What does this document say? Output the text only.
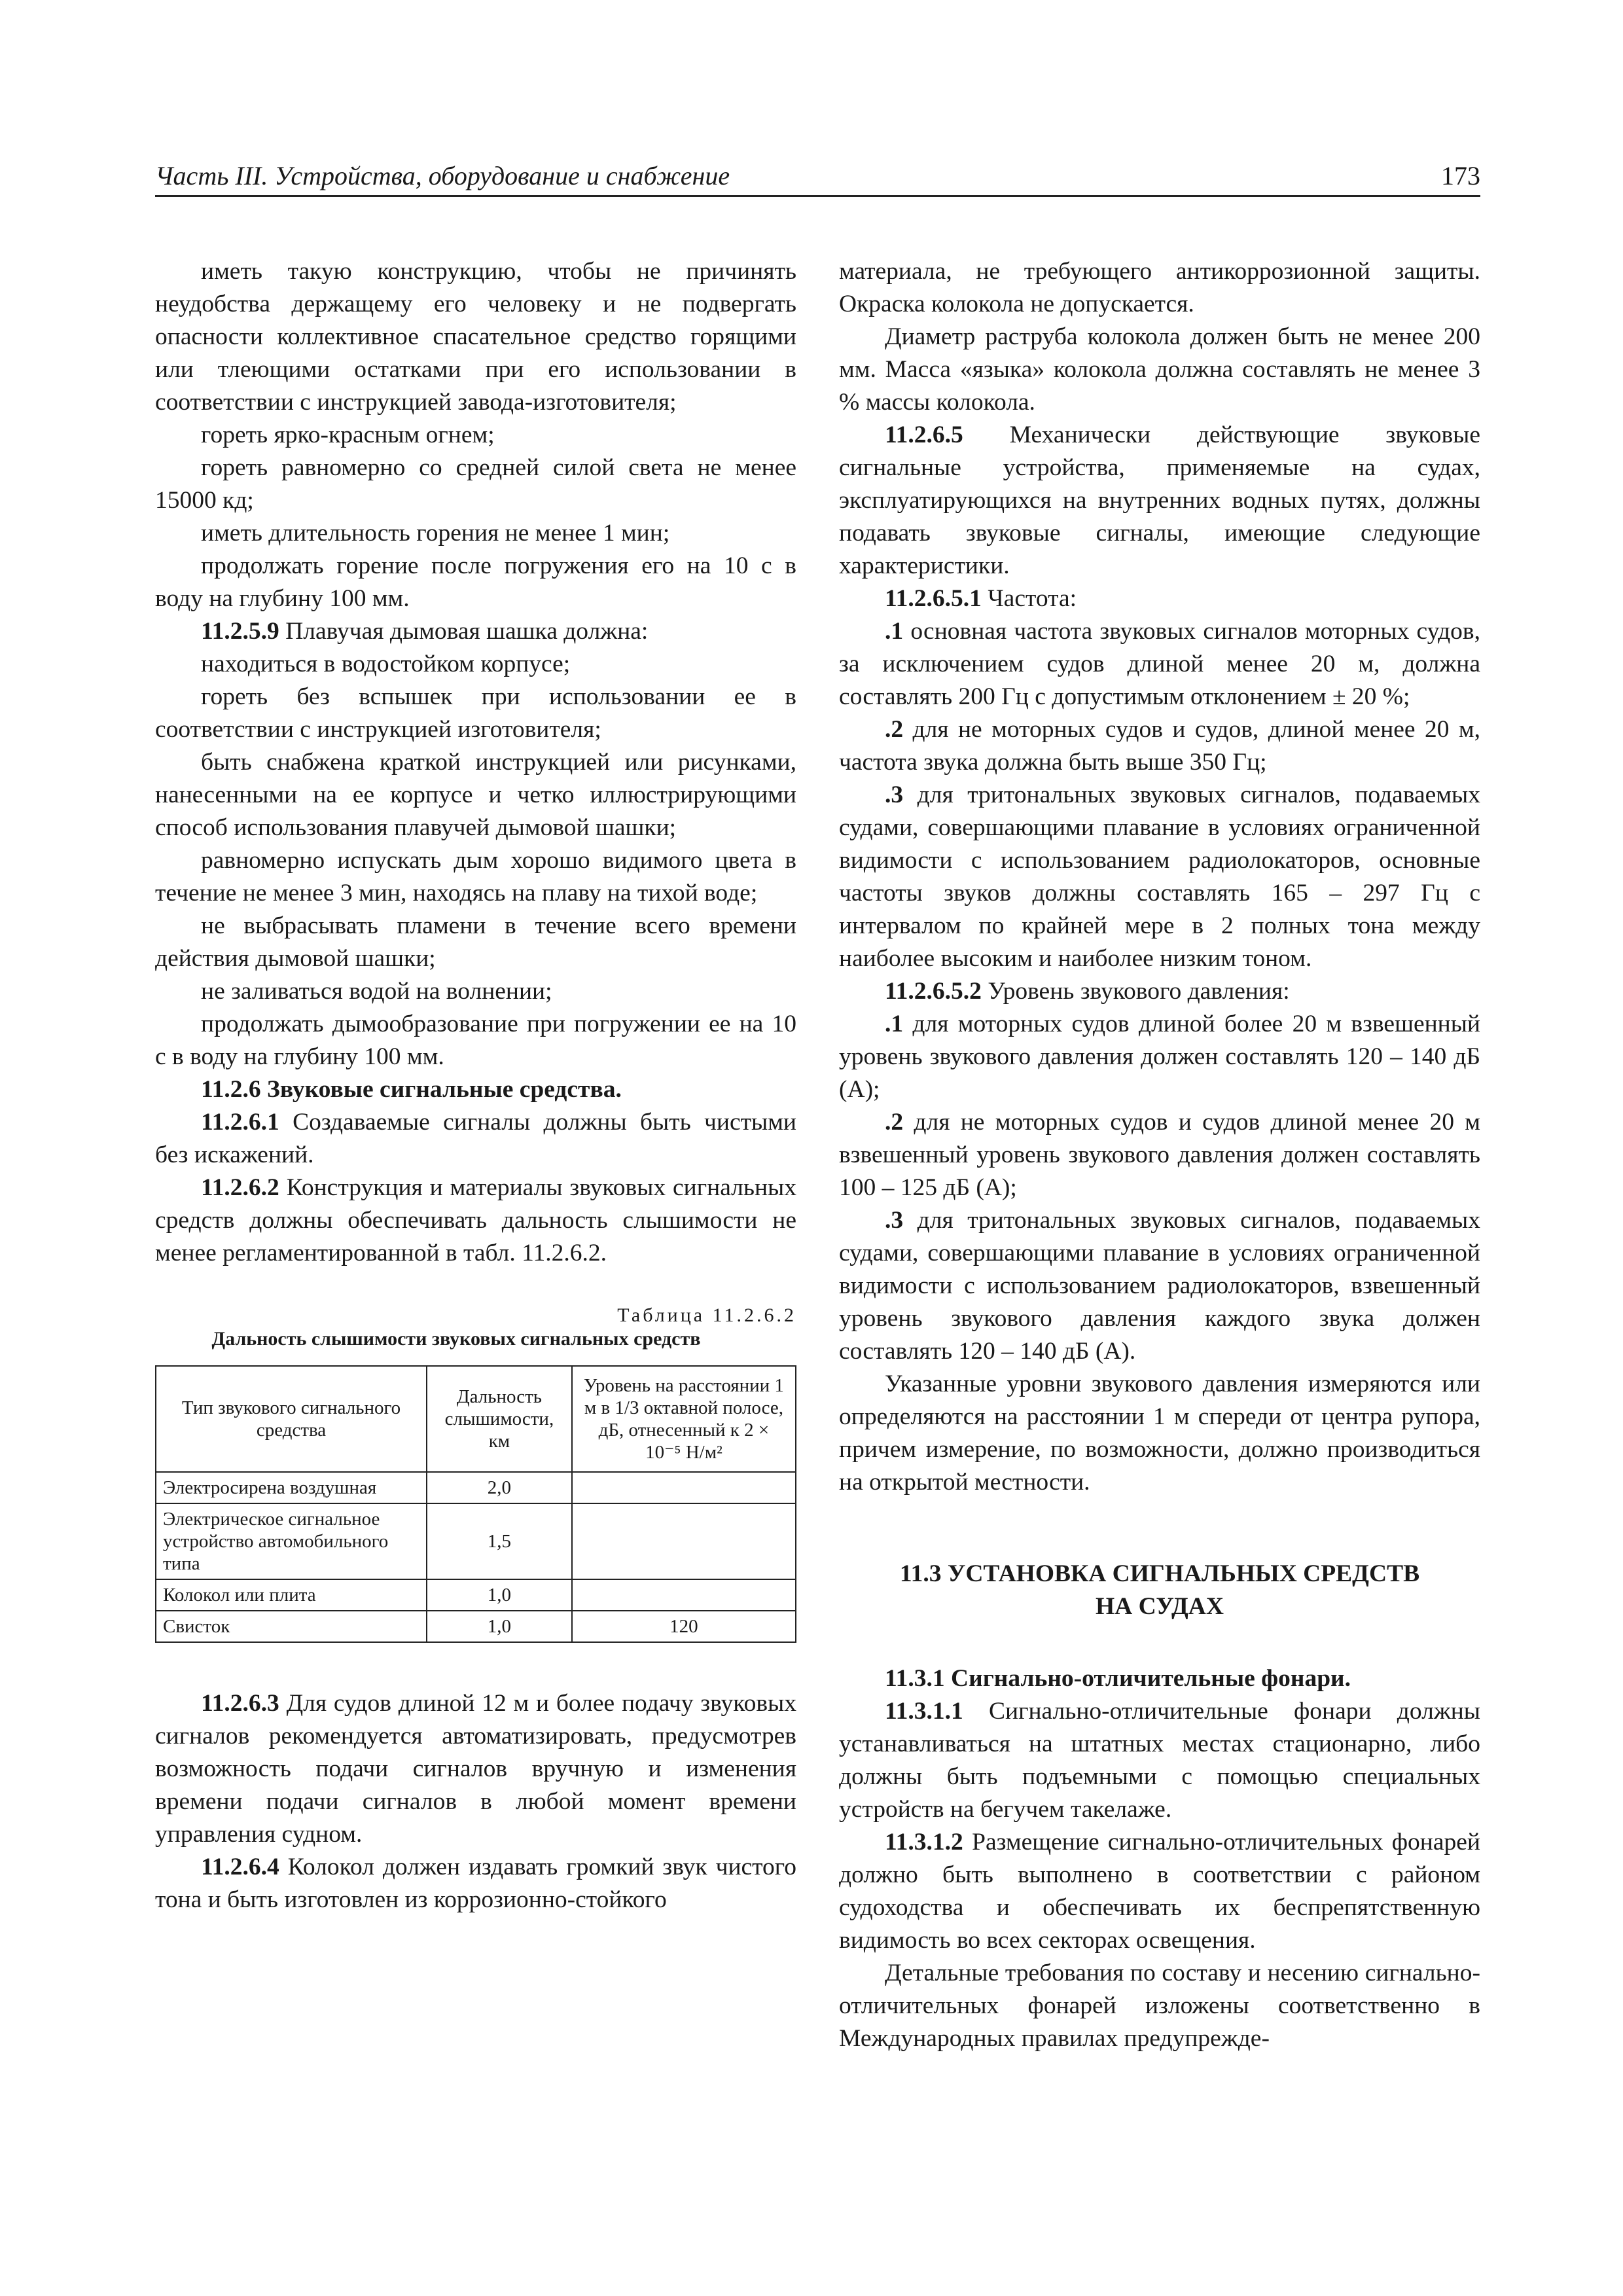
Часть III. Устройства, оборудование и снабжение	173

иметь такую конструкцию, чтобы не причинять неудобства держащему его человеку и не подвергать опасности коллективное спасательное средство горящими или тлеющими остатками при его использовании в соответствии с инструкцией завода-изготовителя;

гореть ярко-красным огнем;

гореть равномерно со средней силой света не менее 15000 кд;

иметь длительность горения не менее 1 мин;

продолжать горение после погружения его на 10 с в воду на глубину 100 мм.

11.2.5.9 Плавучая дымовая шашка должна:

находиться в водостойком корпусе;

гореть без вспышек при использовании ее в соответствии с инструкцией изготовителя;

быть снабжена краткой инструкцией или рисунками, нанесенными на ее корпусе и четко иллюстрирующими способ использования плавучей дымовой шашки;

равномерно испускать дым хорошо видимого цвета в течение не менее 3 мин, находясь на плаву на тихой воде;

не выбрасывать пламени в течение всего времени действия дымовой шашки;

не заливаться водой на волнении;

продолжать дымообразование при погружении ее на 10 с в воду на глубину 100 мм.

11.2.6 Звуковые сигнальные средства.

11.2.6.1 Создаваемые сигналы должны быть чистыми без искажений.

11.2.6.2 Конструкция и материалы звуковых сигнальных средств должны обеспечивать дальность слышимости не менее регламентированной в табл. 11.2.6.2.

Таблица 11.2.6.2
Дальность слышимости звуковых сигнальных средств
Тип звукового сигнального средства	Дальность слышимости, км	Уровень на расстоянии 1 м в 1/3 октавной полосе, дБ, отнесенный к 2 × 10⁻⁵ Н/м²
Электросирена воздушная	2,0	
Электрическое сигнальное устройство автомобильного типа	1,5	
Колокол или плита	1,0	
Свисток	1,0	120

11.2.6.3 Для судов длиной 12 м и более подачу звуковых сигналов рекомендуется автоматизировать, предусмотрев возможность подачи сигналов вручную и изменения времени подачи сигналов в любой момент времени управления судном.

11.2.6.4 Колокол должен издавать громкий звук чистого тона и быть изготовлен из коррозионно-стойкого

материала, не требующего антикоррозионной защиты. Окраска колокола не допускается.

Диаметр раструба колокола должен быть не менее 200 мм. Масса «языка» колокола должна составлять не менее 3 % массы колокола.

11.2.6.5 Механически действующие звуковые сигнальные устройства, применяемые на судах, эксплуатирующихся на внутренних водных путях, должны подавать звуковые сигналы, имеющие следующие характеристики.

11.2.6.5.1 Частота:

.1 основная частота звуковых сигналов моторных судов, за исключением судов длиной менее 20 м, должна составлять 200 Гц с допустимым отклонением ± 20 %;

.2 для не моторных судов и судов, длиной менее 20 м, частота звука должна быть выше 350 Гц;

.3 для тритональных звуковых сигналов, подаваемых судами, совершающими плавание в условиях ограниченной видимости с использованием радиолокаторов, основные частоты звуков должны составлять 165 – 297 Гц с интервалом по крайней мере в 2 полных тона между наиболее высоким и наиболее низким тоном.

11.2.6.5.2 Уровень звукового давления:

.1 для моторных судов длиной более 20 м взвешенный уровень звукового давления должен составлять 120 – 140 дБ (А);

.2 для не моторных судов и судов длиной менее 20 м взвешенный уровень звукового давления должен составлять 100 – 125 дБ (А);

.3 для тритональных звуковых сигналов, подаваемых судами, совершающими плавание в условиях ограниченной видимости с использованием радиолокаторов, взвешенный уровень звукового давления каждого звука должен составлять 120 – 140 дБ (А).

Указанные уровни звукового давления измеряются или определяются на расстоянии 1 м спереди от центра рупора, причем измерение, по возможности, должно производиться на открытой местности.

11.3 УСТАНОВКА СИГНАЛЬНЫХ СРЕДСТВ
НА СУДАХ

11.3.1 Сигнально-отличительные фонари.

11.3.1.1 Сигнально-отличительные фонари должны устанавливаться на штатных местах стационарно, либо должны быть подъемными с помощью специальных устройств на бегучем такелаже.

11.3.1.2 Размещение сигнально-отличительных фонарей должно быть выполнено в соответствии с районом судоходства и обеспечивать их беспрепятственную видимость во всех секторах освещения.

Детальные требования по составу и несению сигнально-отличительных фонарей изложены соответственно в Международных правилах предупрежде-
